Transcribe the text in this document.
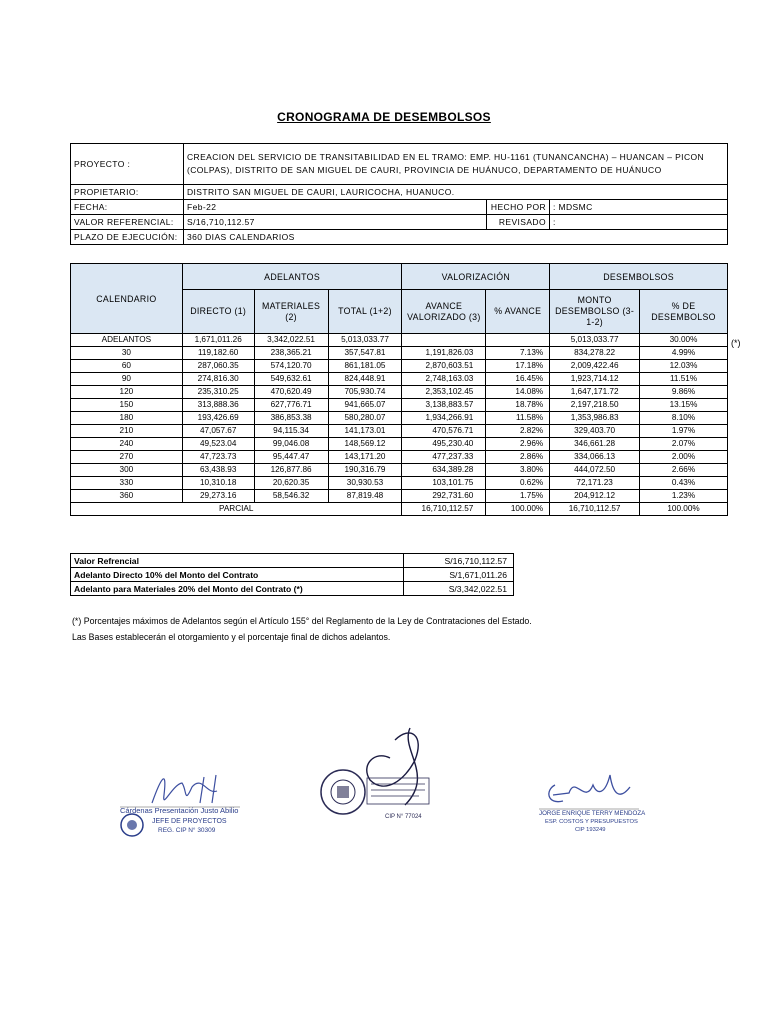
CRONOGRAMA DE DESEMBOLSOS
PROYECTO :	CREACION DEL SERVICIO DE TRANSITABILIDAD EN EL TRAMO: EMP. HU-1161 (TUNANCANCHA) – HUANCAN – PICON
(COLPAS), DISTRITO DE SAN MIGUEL DE CAURI, PROVINCIA DE HUÁNUCO, DEPARTAMENTO DE HUÁNUCO		

PROPIETARIO:	DISTRITO SAN MIGUEL DE CAURI, LAURICOCHA, HUANUCO.		
FECHA:	Feb-22	HECHO POR	: MDSMC
VALOR REFERENCIAL:	S/16,710,112.57	REVISADO	:
PLAZO DE EJECUCIÓN:	360 DIAS CALENDARIOS		
CALENDARIO	ADELANTOS			VALORIZACIÓN		DESEMBOLSOS	
	DIRECTO (1)	MATERIALES (2)	TOTAL (1+2)	AVANCE VALORIZADO (3)	% AVANCE	MONTO DESEMBOLSO (3-1-2)	% DE DESEMBOLSO
ADELANTOS	1,671,011.26	3,342,022.51	5,013,033.77			5,013,033.77	30.00%
30	119,182.60	238,365.21	357,547.81	1,191,826.03	7.13%	834,278.22	4.99%
60	287,060.35	574,120.70	861,181.05	2,870,603.51	17.18%	2,009,422.46	12.03%
90	274,816.30	549,632.61	824,448.91	2,748,163.03	16.45%	1,923,714.12	11.51%
120	235,310.25	470,620.49	705,930.74	2,353,102.45	14.08%	1,647,171.72	9.86%
150	313,888.36	627,776.71	941,665.07	3,138,883.57	18.78%	2,197,218.50	13.15%
180	193,426.69	386,853.38	580,280.07	1,934,266.91	11.58%	1,353,986.83	8.10%
210	47,057.67	94,115.34	141,173.01	470,576.71	2.82%	329,403.70	1.97%
240	49,523.04	99,046.08	148,569.12	495,230.40	2.96%	346,661.28	2.07%
270	47,723.73	95,447.47	143,171.20	477,237.33	2.86%	334,066.13	2.00%
300	63,438.93	126,877.86	190,316.79	634,389.28	3.80%	444,072.50	2.66%
330	10,310.18	20,620.35	30,930.53	103,101.75	0.62%	72,171.23	0.43%
360	29,273.16	58,546.32	87,819.48	292,731.60	1.75%	204,912.12	1.23%
PARCIAL				16,710,112.57	100.00%	16,710,112.57	100.00%
(*)
Valor Refrencial	S/16,710,112.57
Adelanto Directo 10% del Monto del Contrato	S/1,671,011.26
Adelanto para Materiales 20% del Monto del Contrato (*)	S/3,342,022.51
(*) Porcentajes máximos de Adelantos según el Artículo 155° del Reglamento de la Ley de Contrataciones del Estado.
Las Bases establecerán el otorgamiento y el porcentaje final de dichos adelantos.
Cárdenas Presentación Justo Abilio
JEFE DE PROYECTOS
REG. CIP N° 30309
CIP N° 77024	JORGE ENRIQUE TERRY MENDOZA
ESP. COSTOS Y PRESUPUESTOS
CIP 193249
